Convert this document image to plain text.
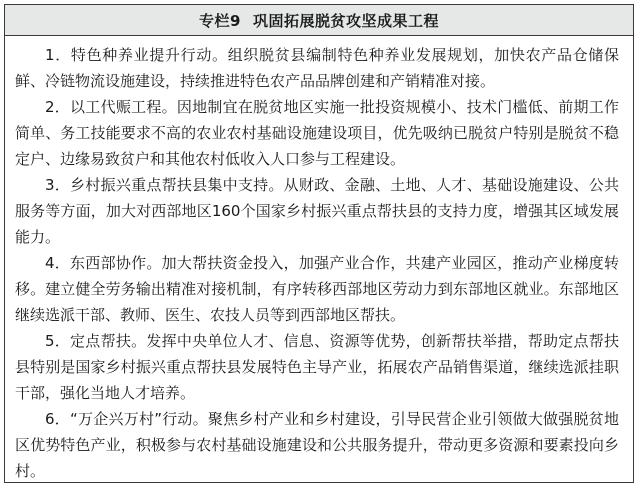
专栏9 巩固拓展脱贫攻坚成果工程

1．特色种养业提升行动。组织脱贫县编制特色种养业发展规划，加快农产品仓储保鲜、冷链物流设施建设，持续推进特色农产品品牌创建和产销精准对接。

2．以工代赈工程。因地制宜在脱贫地区实施一批投资规模小、技术门槛低、前期工作简单、务工技能要求不高的农业农村基础设施建设项目，优先吸纳已脱贫户特别是脱贫不稳定户、边缘易致贫户和其他农村低收入人口参与工程建设。

3．乡村振兴重点帮扶县集中支持。从财政、金融、土地、人才、基础设施建设、公共服务等方面，加大对西部地区160个国家乡村振兴重点帮扶县的支持力度，增强其区域发展能力。

4．东西部协作。加大帮扶资金投入，加强产业合作，共建产业园区，推动产业梯度转移。建立健全劳务输出精准对接机制，有序转移西部地区劳动力到东部地区就业。东部地区继续选派干部、教师、医生、农技人员等到西部地区帮扶。

5．定点帮扶。发挥中央单位人才、信息、资源等优势，创新帮扶举措，帮助定点帮扶县特别是国家乡村振兴重点帮扶县发展特色主导产业，拓展农产品销售渠道，继续选派挂职干部，强化当地人才培养。

6．“万企兴万村”行动。聚焦乡村产业和乡村建设，引导民营企业引领做大做强脱贫地区优势特色产业，积极参与农村基础设施建设和公共服务提升，带动更多资源和要素投向乡村。
